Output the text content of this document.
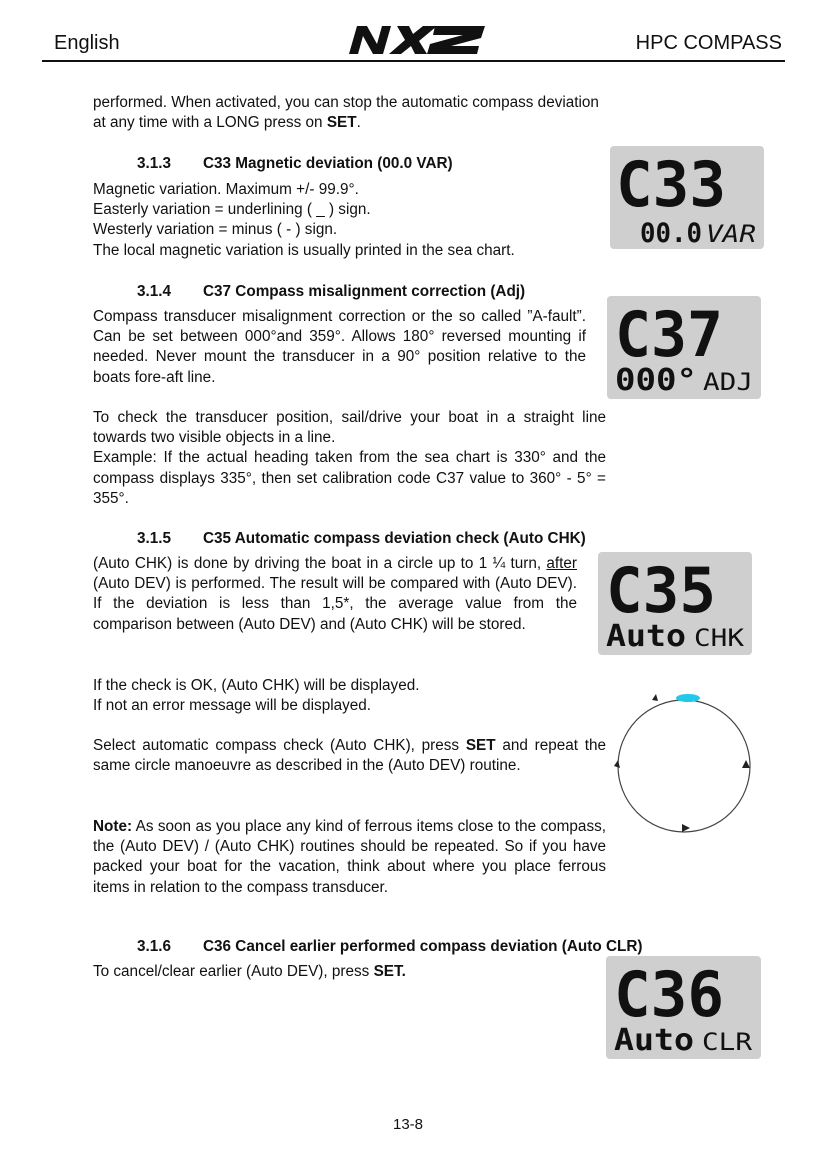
English	HPC COMPASS

performed. When activated, you can stop the automatic compass deviation at any time with a LONG press on SET.

3.1.3 C33 Magnetic deviation (00.0 VAR)

Magnetic variation. Maximum +/- 99.9°.
Easterly variation = underlining ( _ ) sign.
Westerly variation = minus ( - ) sign.
The local magnetic variation is usually printed in the sea chart.

C33
00.0 VAR

3.1.4 C37 Compass misalignment correction (Adj)

Compass transducer misalignment correction or the so called ”A-fault”. Can be set between 000°and 359°. Allows 180° reversed mounting if needed. Never mount the transducer in a 90° position relative to the boats fore-aft line.

To check the transducer position, sail/drive your boat in a straight line towards two visible objects in a line.
Example: If the actual heading taken from the sea chart is 330° and the compass displays 335°, then set calibration code C37 value to 360° - 5° = 355°.

C37
000° ADJ

3.1.5 C35 Automatic compass deviation check (Auto CHK)

(Auto CHK) is done by driving the boat in a circle up to 1 ¼ turn, after (Auto DEV) is performed. The result will be compared with (Auto DEV). If the deviation is less than 1,5*, the average value from the comparison between (Auto DEV) and (Auto CHK) will be stored.

If the check is OK, (Auto CHK) will be displayed.
If not an error message will be displayed.

Select automatic compass check (Auto CHK), press SET and repeat the same circle manoeuvre as described in the (Auto DEV) routine.

Note: As soon as you place any kind of ferrous items close to the compass, the (Auto DEV) / (Auto CHK) routines should be repeated. So if you have packed your boat for the vacation, think about where you place ferrous items in relation to the compass transducer.

C35
Auto CHK

3.1.6 C36 Cancel earlier performed compass deviation (Auto CLR)

To cancel/clear earlier (Auto DEV), press SET.	C36
Auto CLR
13-8
